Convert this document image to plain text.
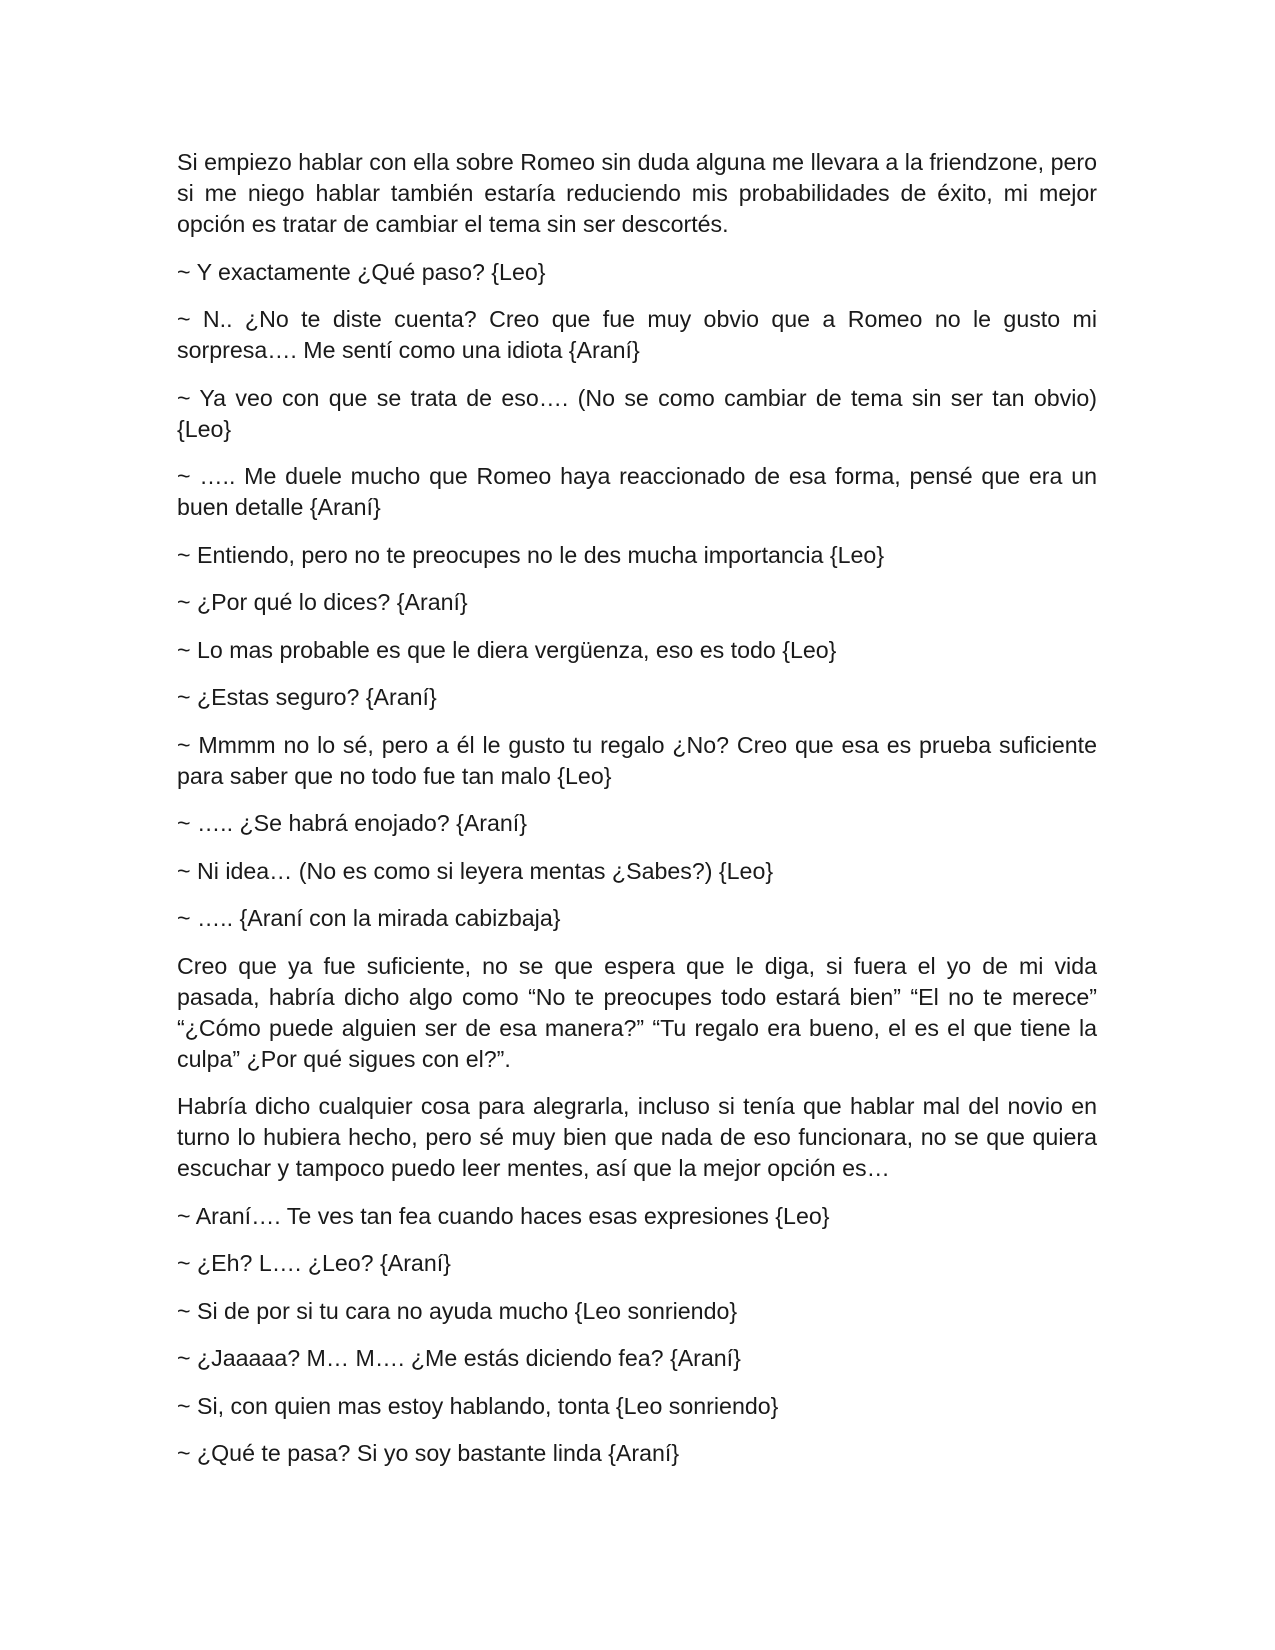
Si empiezo hablar con ella sobre Romeo sin duda alguna me llevara a la friendzone, pero si me niego hablar también estaría reduciendo mis probabilidades de éxito, mi mejor opción es tratar de cambiar el tema sin ser descortés.

~ Y exactamente ¿Qué paso? {Leo}

~ N.. ¿No te diste cuenta? Creo que fue muy obvio que a Romeo no le gusto mi sorpresa…. Me sentí como una idiota {Araní}

~ Ya veo con que se trata de eso…. (No se como cambiar de tema sin ser tan obvio) {Leo}

~ ….. Me duele mucho que Romeo haya reaccionado de esa forma, pensé que era un buen detalle {Araní}

~ Entiendo, pero no te preocupes no le des mucha importancia {Leo}

~ ¿Por qué lo dices? {Araní}

~ Lo mas probable es que le diera vergüenza, eso es todo {Leo}

~ ¿Estas seguro? {Araní}

~ Mmmm no lo sé, pero a él le gusto tu regalo ¿No? Creo que esa es prueba suficiente para saber que no todo fue tan malo {Leo}

~ ….. ¿Se habrá enojado? {Araní}

~ Ni idea… (No es como si leyera mentas ¿Sabes?) {Leo}

~ ….. {Araní con la mirada cabizbaja}

Creo que ya fue suficiente, no se que espera que le diga, si fuera el yo de mi vida pasada, habría dicho algo como “No te preocupes todo estará bien” “El no te merece” “¿Cómo puede alguien ser de esa manera?” “Tu regalo era bueno, el es el que tiene la culpa” ¿Por qué sigues con el?”.

Habría dicho cualquier cosa para alegrarla, incluso si tenía que hablar mal del novio en turno lo hubiera hecho, pero sé muy bien que nada de eso funcionara, no se que quiera escuchar y tampoco puedo leer mentes, así que la mejor opción es…

~ Araní…. Te ves tan fea cuando haces esas expresiones {Leo}

~ ¿Eh? L…. ¿Leo? {Araní}

~ Si de por si tu cara no ayuda mucho {Leo sonriendo}

~ ¿Jaaaaa? M… M…. ¿Me estás diciendo fea? {Araní}

~ Si, con quien mas estoy hablando, tonta {Leo sonriendo}

~ ¿Qué te pasa? Si yo soy bastante linda {Araní}
